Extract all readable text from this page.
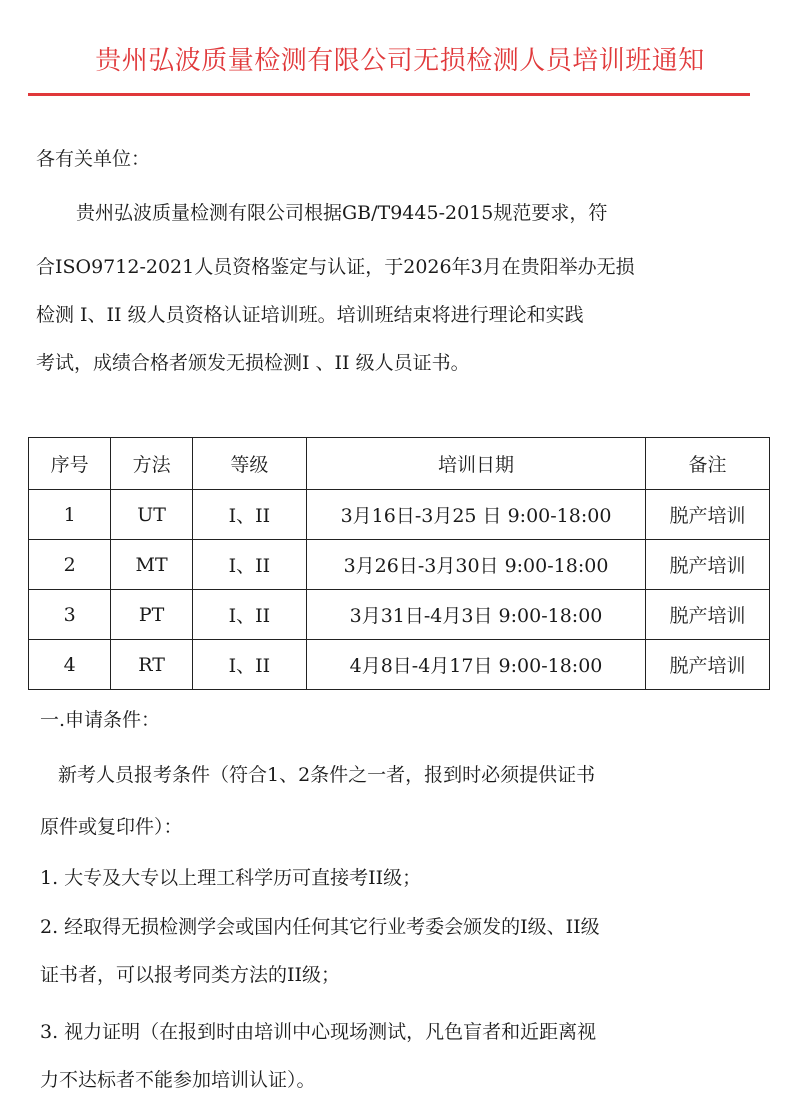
贵州弘波质量检测有限公司无损检测人员培训班通知
各有关单位：
贵州弘波质量检测有限公司根据GB/T9445-2015规范要求，符
合ISO9712-2021人员资格鉴定与认证，于2026年3月在贵阳举办无损
检测 I、II 级人员资格认证培训班。培训班结束将进行理论和实践
考试，成绩合格者颁发无损检测I 、II 级人员证书。
序号	方法	等级	培训日期	备注
1	UT	I、II	3月16日-3月25 日 9:00-18:00	脱产培训
2	MT	I、II	3月26日-3月30日 9:00-18:00	脱产培训
3	PT	I、II	3月31日-4月3日 9:00-18:00	脱产培训
4	RT	I、II	4月8日-4月17日 9:00-18:00	脱产培训
一.申请条件：
新考人员报考条件（符合1、2条件之一者，报到时必须提供证书
原件或复印件）：
1. 大专及大专以上理工科学历可直接考II级；
2. 经取得无损检测学会或国内任何其它行业考委会颁发的I级、II级
证书者，可以报考同类方法的II级；
3. 视力证明（在报到时由培训中心现场测试，凡色盲者和近距离视
力不达标者不能参加培训认证）。
